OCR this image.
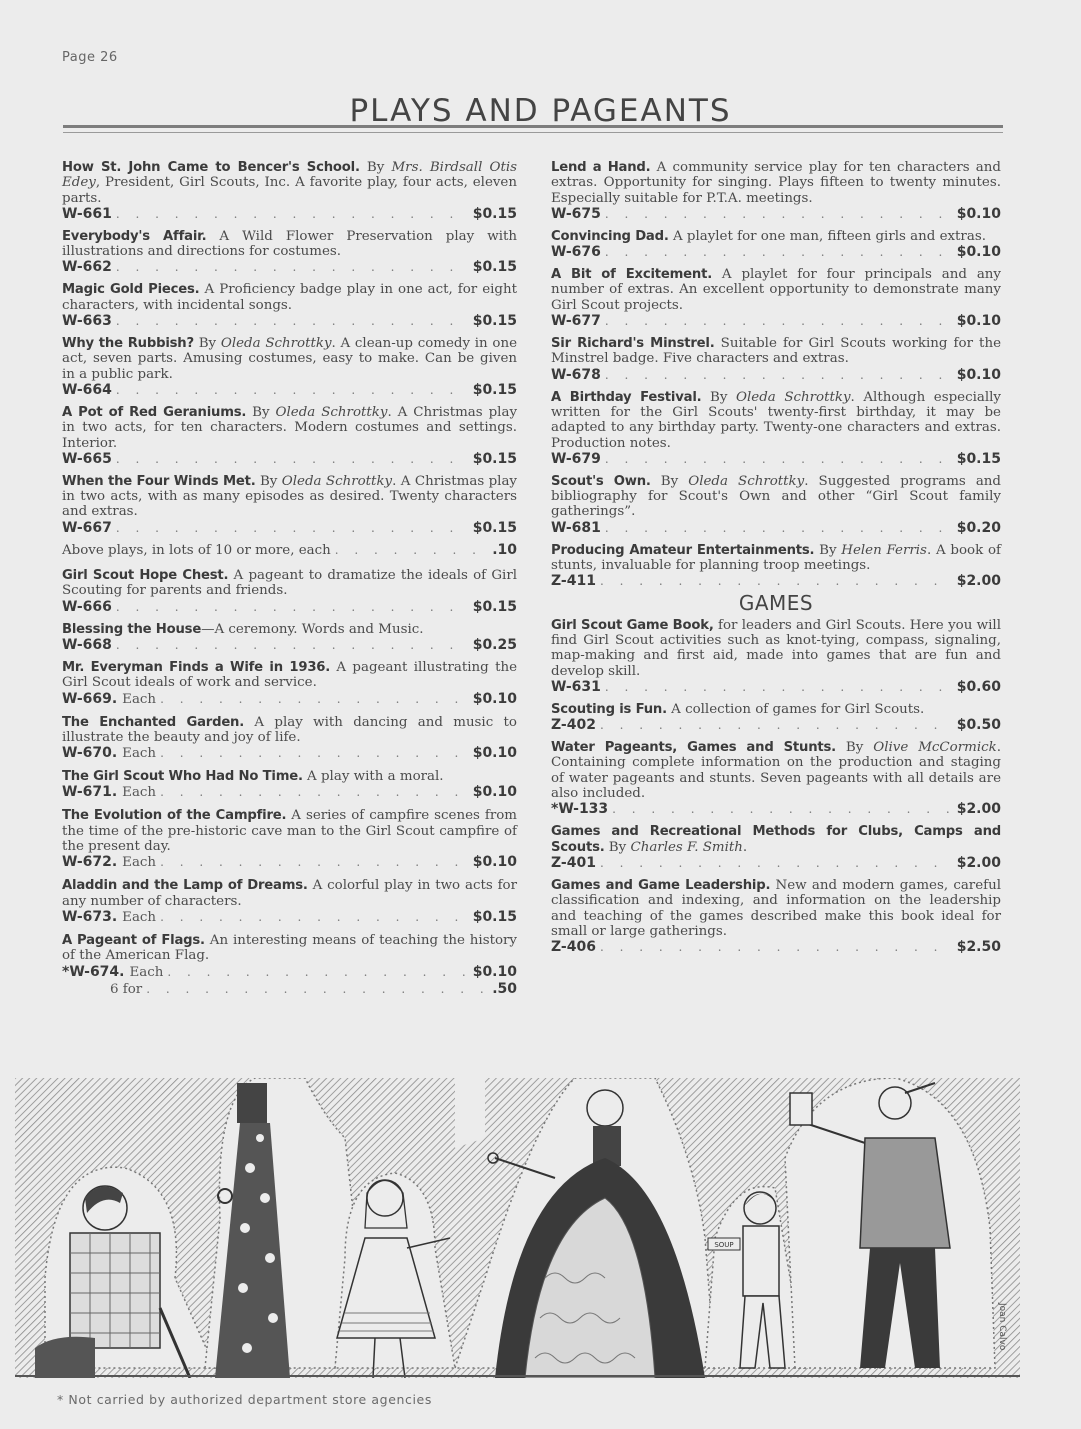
Page 26
PLAYS AND PAGEANTS
How St. John Came to Bencer's School. By Mrs. Birdsall Otis Edey, President, Girl Scouts, Inc. A favorite play, four acts, eleven parts.
W-661 . . .	$0.15
Everybody's Affair. A Wild Flower Preservation play with illustrations and directions for costumes.
W-662 . . .	$0.15
Magic Gold Pieces. A Proficiency badge play in one act, for eight characters, with incidental songs.
W-663 . . .	$0.15
Why the Rubbish? By Oleda Schrottky. A clean-up comedy in one act, seven parts. Amusing costumes, easy to make. Can be given in a public park.
W-664 . . .	$0.15
A Pot of Red Geraniums. By Oleda Schrottky. A Christmas play in two acts, for ten characters. Modern costumes and settings. Interior.
W-665 . . .	$0.15
When the Four Winds Met. By Oleda Schrottky. A Christmas play in two acts, with as many episodes as desired. Twenty characters and extras.
W-667 . . .	$0.15
Above plays, in lots of 10 or more, each . . .	.10
Girl Scout Hope Chest. A pageant to dramatize the ideals of Girl Scouting for parents and friends.
W-666 . . .	$0.15
Blessing the House—A ceremony. Words and Music.
W-668 . . .	$0.25
Mr. Everyman Finds a Wife in 1936. A pageant illustrating the Girl Scout ideals of work and service.
W-669. Each . . .	$0.10
The Enchanted Garden. A play with dancing and music to illustrate the beauty and joy of life.
W-670. Each . . .	$0.10
The Girl Scout Who Had No Time. A play with a moral.
W-671. Each . . .	$0.10
The Evolution of the Campfire. A series of campfire scenes from the time of the pre-historic cave man to the Girl Scout campfire of the present day.
W-672. Each . . .	$0.10
Aladdin and the Lamp of Dreams. A colorful play in two acts for any number of characters.
W-673. Each . . .	$0.15
A Pageant of Flags. An interesting means of teaching the history of the American Flag.
*W-674. Each . . .	$0.10
6 for . . .	.50
Lend a Hand. A community service play for ten characters and extras. Opportunity for singing. Plays fifteen to twenty minutes. Especially suitable for P.T.A. meetings.
W-675 . . .	$0.10
Convincing Dad. A playlet for one man, fifteen girls and extras.
W-676 . . .	$0.10
A Bit of Excitement. A playlet for four principals and any number of extras. An excellent opportunity to demonstrate many Girl Scout projects.
W-677 . . .	$0.10
Sir Richard's Minstrel. Suitable for Girl Scouts working for the Minstrel badge. Five characters and extras.
W-678 . . .	$0.10
A Birthday Festival. By Oleda Schrottky. Although especially written for the Girl Scouts' twenty-first birthday, it may be adapted to any birthday party. Twenty-one characters and extras. Production notes.
W-679 . . .	$0.15
Scout's Own. By Oleda Schrottky. Suggested programs and bibliography for Scout's Own and other “Girl Scout family gatherings”.
W-681 . . .	$0.20
Producing Amateur Entertainments. By Helen Ferris. A book of stunts, invaluable for planning troop meetings.
Z-411 . . .	$2.00
GAMES
Girl Scout Game Book, for leaders and Girl Scouts. Here you will find Girl Scout activities such as knot-tying, compass, signaling, map-making and first aid, made into games that are fun and develop skill.
W-631 . . .	$0.60
Scouting is Fun. A collection of games for Girl Scouts.
Z-402 . . .	$0.50
Water Pageants, Games and Stunts. By Olive McCormick. Containing complete information on the production and staging of water pageants and stunts. Seven pageants with all details are also included.
*W-133 . . .	$2.00
Games and Recreational Methods for Clubs, Camps and Scouts. By Charles F. Smith.
Z-401 . . .	$2.00
Games and Game Leadership. New and modern games, careful classification and indexing, and information on the leadership and teaching of the games described make this book ideal for small or large gatherings.
Z-406 . . .	$2.50
SOUP
Joan Calvo
* Not carried by authorized department store agencies
